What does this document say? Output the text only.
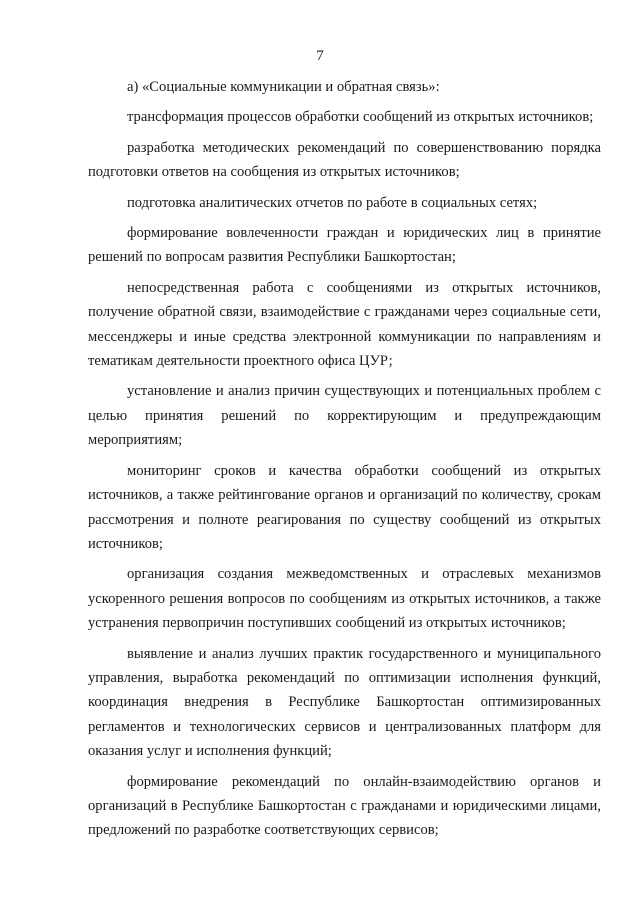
7

а) «Социальные коммуникации и обратная связь»:

трансформация процессов обработки сообщений из открытых источников;

разработка методических рекомендаций по совершенствованию порядка подготовки ответов на сообщения из открытых источников;

подготовка аналитических отчетов по работе в социальных сетях;

формирование вовлеченности граждан и юридических лиц в принятие решений по вопросам развития Республики Башкортостан;

непосредственная работа с сообщениями из открытых источников, получение обратной связи, взаимодействие с гражданами через социальные сети, мессенджеры и иные средства электронной коммуникации по направлениям и тематикам деятельности проектного офиса ЦУР;

установление и анализ причин существующих и потенциальных проблем с целью принятия решений по корректирующим и предупреждающим мероприятиям;

мониторинг сроков и качества обработки сообщений из открытых источников, а также рейтингование органов и организаций по количеству, срокам рассмотрения и полноте реагирования по существу сообщений из открытых источников;

организация создания межведомственных и отраслевых механизмов ускоренного решения вопросов по сообщениям из открытых источников, а также устранения первопричин поступивших сообщений из открытых источников;

выявление и анализ лучших практик государственного и муниципального управления, выработка рекомендаций по оптимизации исполнения функций, координация внедрения в Республике Башкортостан оптимизированных регламентов и технологических сервисов и централизованных платформ для оказания услуг и исполнения функций;

формирование рекомендаций по онлайн-взаимодействию органов и организаций в Республике Башкортостан с гражданами и юридическими лицами, предложений по разработке соответствующих сервисов;
